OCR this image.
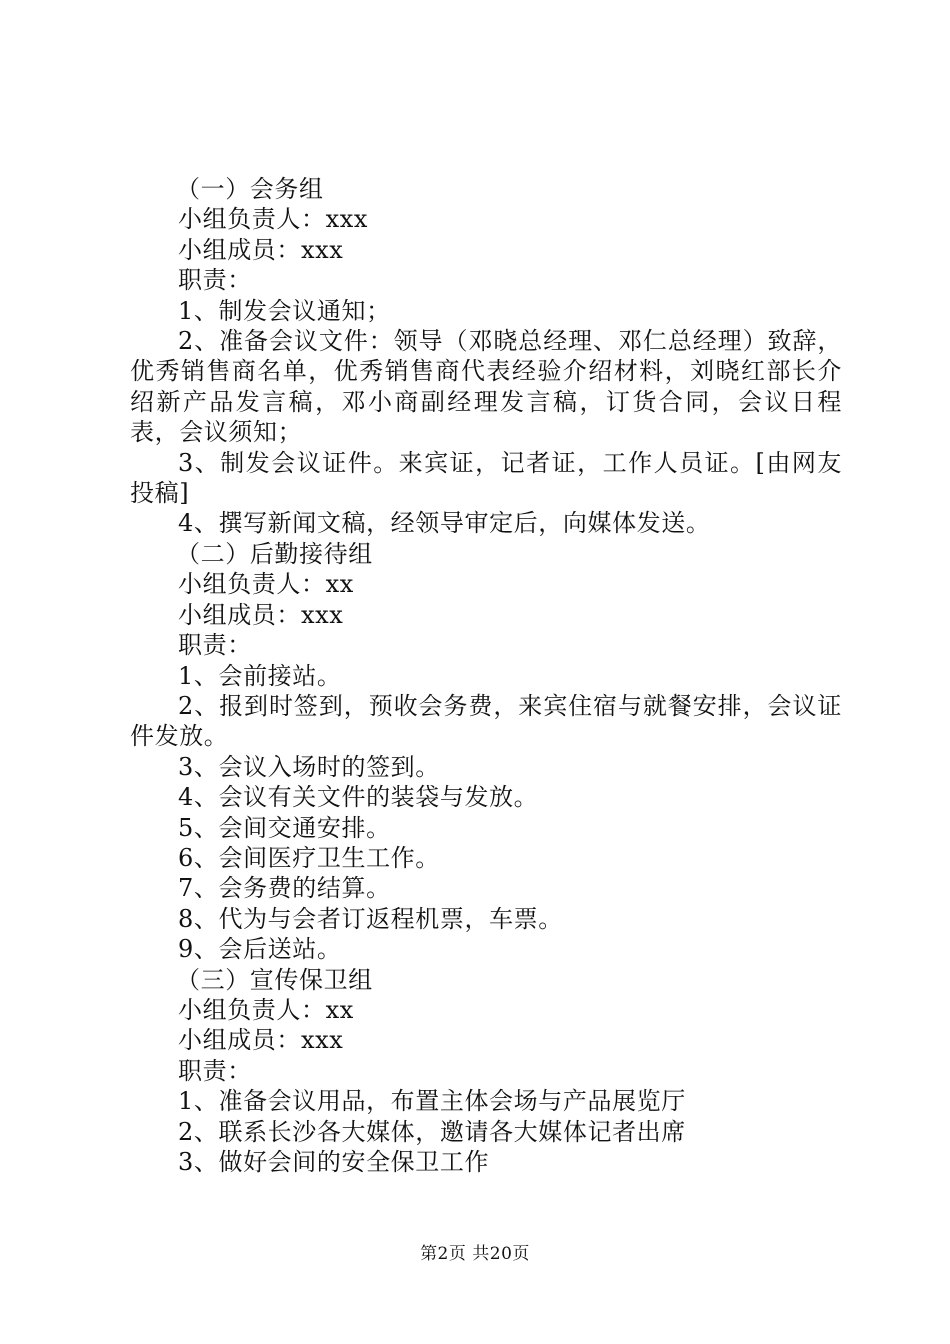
（一）会务组

小组负责人：xxx

小组成员：xxx

职责：

1、制发会议通知；

2、准备会议文件：领导（邓晓总经理、邓仁总经理）致辞，优秀销售商名单，优秀销售商代表经验介绍材料，刘晓红部长介绍新产品发言稿，邓小商副经理发言稿，订货合同，会议日程表，会议须知；

3、制发会议证件。来宾证，记者证，工作人员证。[由网友投稿]

4、撰写新闻文稿，经领导审定后，向媒体发送。

（二）后勤接待组

小组负责人：xx

小组成员：xxx

职责：

1、会前接站。

2、报到时签到，预收会务费，来宾住宿与就餐安排，会议证件发放。

3、会议入场时的签到。

4、会议有关文件的装袋与发放。

5、会间交通安排。

6、会间医疗卫生工作。

7、会务费的结算。

8、代为与会者订返程机票，车票。

9、会后送站。

（三）宣传保卫组

小组负责人：xx

小组成员：xxx

职责：

1、准备会议用品，布置主体会场与产品展览厅

2、联系长沙各大媒体，邀请各大媒体记者出席

3、做好会间的安全保卫工作

第2页 共20页
